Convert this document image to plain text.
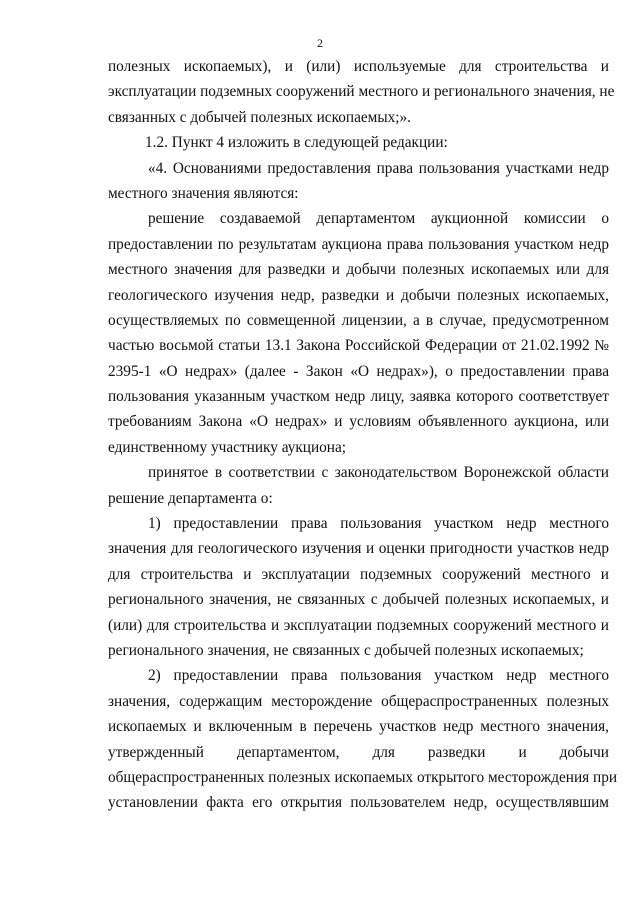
2
полезных ископаемых), и (или) используемые для строительства и
эксплуатации подземных сооружений местного и регионального значения, не
связанных с добычей полезных ископаемых;».
1.2. Пункт 4 изложить в следующей редакции:
«4. Основаниями предоставления права пользования участками недр
местного значения являются:
решение создаваемой департаментом аукционной комиссии о
предоставлении по результатам аукциона права пользования участком недр
местного значения для разведки и добычи полезных ископаемых или для
геологического изучения недр, разведки и добычи полезных ископаемых,
осуществляемых по совмещенной лицензии, а в случае, предусмотренном
частью восьмой статьи 13.1 Закона Российской Федерации от 21.02.1992 №
2395-1 «О недрах» (далее - Закон «О недрах»), о предоставлении права
пользования указанным участком недр лицу, заявка которого соответствует
требованиям Закона «О недрах» и условиям объявленного аукциона, или
единственному участнику аукциона;
принятое в соответствии с законодательством Воронежской области
решение департамента о:
1) предоставлении права пользования участком недр местного
значения для геологического изучения и оценки пригодности участков недр
для строительства и эксплуатации подземных сооружений местного и
регионального значения, не связанных с добычей полезных ископаемых, и
(или) для строительства и эксплуатации подземных сооружений местного и
регионального значения, не связанных с добычей полезных ископаемых;
2) предоставлении права пользования участком недр местного
значения, содержащим месторождение общераспространенных полезных
ископаемых и включенным в перечень участков недр местного значения,
утвержденный департаментом, для разведки и добычи
общераспространенных полезных ископаемых открытого месторождения при
установлении факта его открытия пользователем недр, осуществлявшим
